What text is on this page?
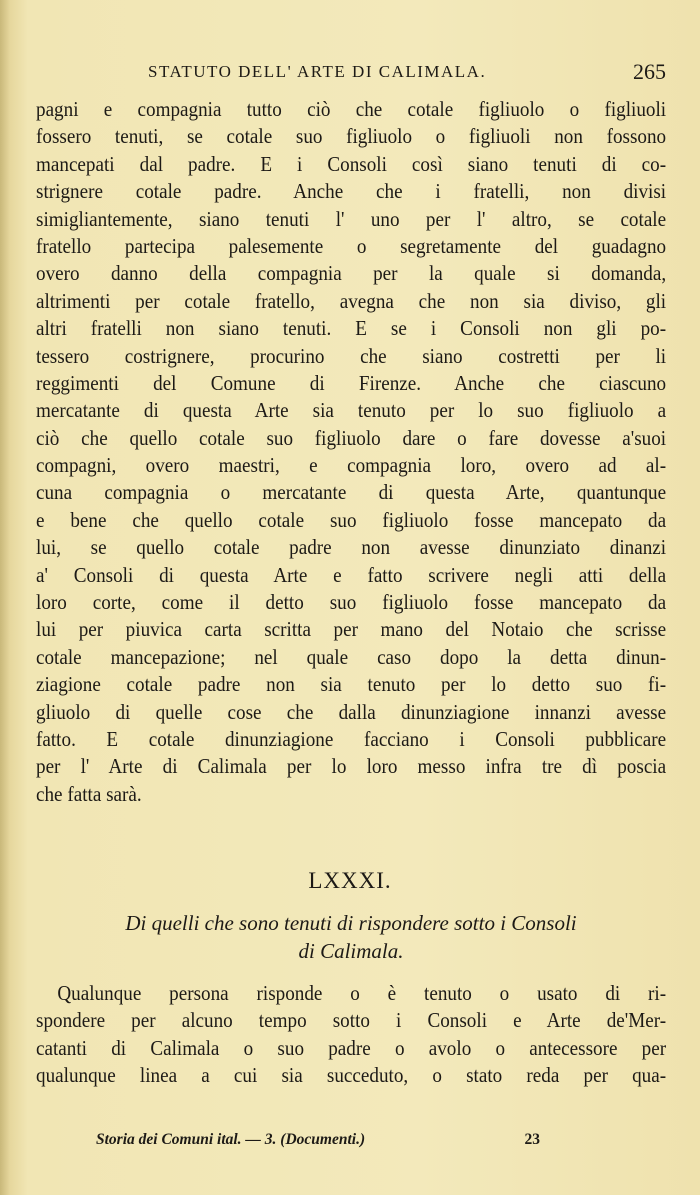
STATUTO DELL' ARTE DI CALIMALA.	265
pagni e compagnia tutto ciò che cotale figliuolo o figliuoli
fossero tenuti, se cotale suo figliuolo o figliuoli non fossono
mancepati dal padre. E i Consoli così siano tenuti di co-
strignere cotale padre. Anche che i fratelli, non divisi
simigliantemente, siano tenuti l' uno per l' altro, se cotale
fratello partecipa palesemente o segretamente del guadagno
overo danno della compagnia per la quale si domanda,
altrimenti per cotale fratello, avegna che non sia diviso, gli
altri fratelli non siano tenuti. E se i Consoli non gli po-
tessero costrignere, procurino che siano costretti per li
reggimenti del Comune di Firenze. Anche che ciascuno
mercatante di questa Arte sia tenuto per lo suo figliuolo a
ciò che quello cotale suo figliuolo dare o fare dovesse a'suoi
compagni, overo maestri, e compagnia loro, overo ad al-
cuna compagnia o mercatante di questa Arte, quantunque
e bene che quello cotale suo figliuolo fosse mancepato da
lui, se quello cotale padre non avesse dinunziato dinanzi
a' Consoli di questa Arte e fatto scrivere negli atti della
loro corte, come il detto suo figliuolo fosse mancepato da
lui per piuvica carta scritta per mano del Notaio che scrisse
cotale mancepazione; nel quale caso dopo la detta dinun-
ziagione cotale padre non sia tenuto per lo detto suo fi-
gliuolo di quelle cose che dalla dinunziagione innanzi avesse
fatto. E cotale dinunziagione facciano i Consoli pubblicare
per l' Arte di Calimala per lo loro messo infra tre dì poscia
che fatta sarà.
LXXXI.
Di quelli che sono tenuti di rispondere sotto i Consoli
di Calimala.
Qualunque persona risponde o è tenuto o usato di ri-
spondere per alcuno tempo sotto i Consoli e Arte de'Mer-
catanti di Calimala o suo padre o avolo o antecessore per
qualunque linea a cui sia succeduto, o stato reda per qua-
Storia dei Comuni ital. — 3. (Documenti.)	23
